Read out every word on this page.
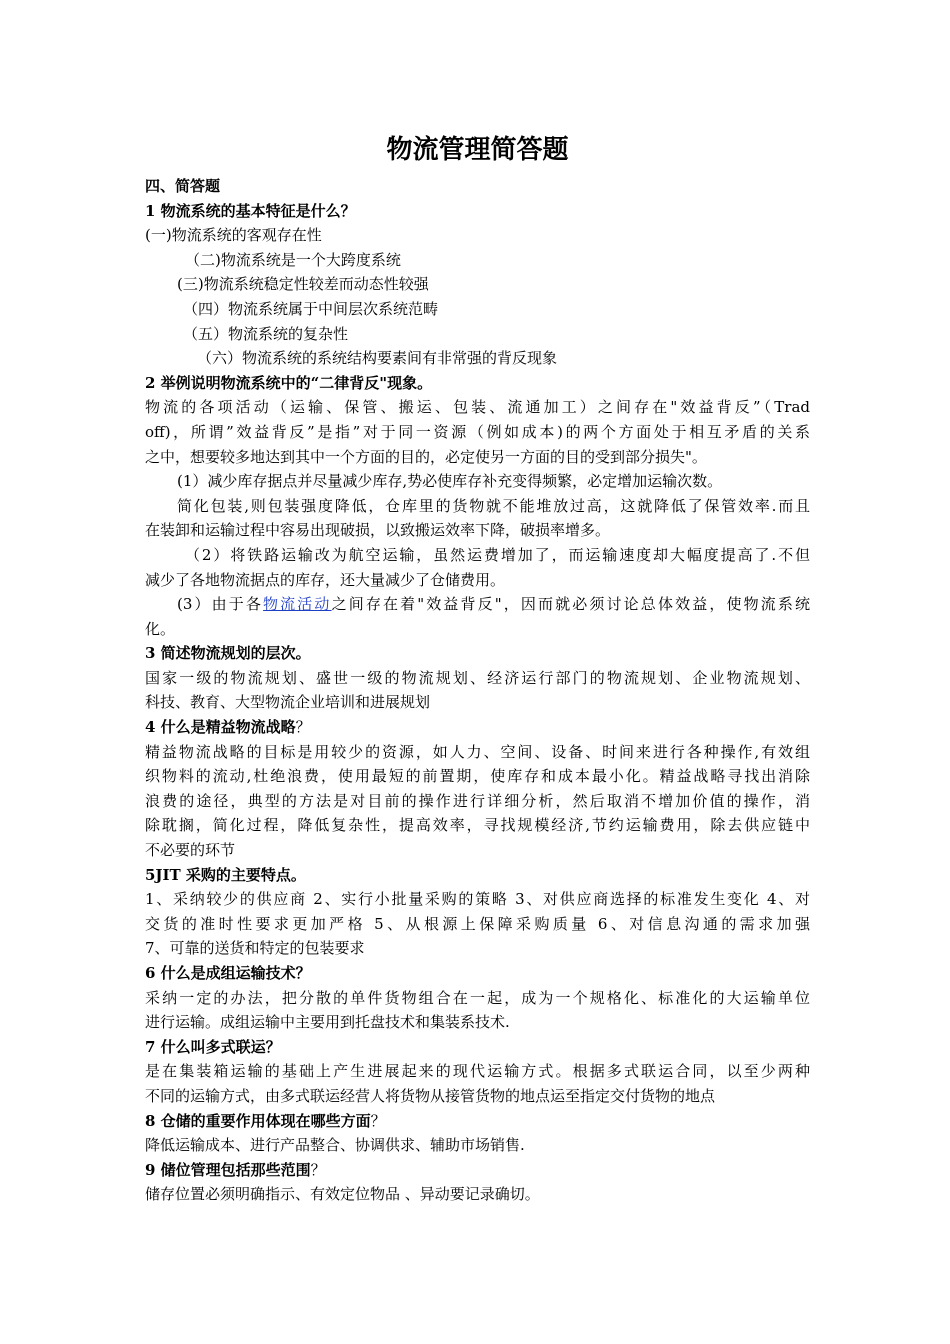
物流管理简答题
四、简答题
1 物流系统的基本特征是什么？
(一)物流系统的客观存在性
（二)物流系统是一个大跨度系统
(三)物流系统稳定性较差而动态性较强
（四）物流系统属于中间层次系统范畴
（五）物流系统的复杂性
（六）物流系统的系统结构要素间有非常强的背反现象
2 举例说明物流系统中的“二律背反"现象。
物流的各项活动（运输、保管、搬运、包装、流通加工）之间存在"效益背反”（Trad
off)，所谓”效益背反”是指”对于同一资源（例如成本)的两个方面处于相互矛盾的关系
之中，想要较多地达到其中一个方面的目的，必定使另一方面的目的受到部分损失"。
(1）减少库存据点并尽量减少库存,势必使库存补充变得频繁，必定增加运输次数。
简化包装,则包装强度降低，仓库里的货物就不能堆放过高，这就降低了保管效率.而且
在装卸和运输过程中容易出现破损，以致搬运效率下降，破损率增多。
（2）将铁路运输改为航空运输，虽然运费增加了，而运输速度却大幅度提高了.不但
减少了各地物流据点的库存，还大量减少了仓储费用。
(3）由于各物流活动之间存在着"效益背反"，因而就必须讨论总体效益，使物流系统
化。
3 简述物流规划的层次。
国家一级的物流规划、盛世一级的物流规划、经济运行部门的物流规划、企业物流规划、
科技、教育、大型物流企业培训和进展规划
4 什么是精益物流战略？
精益物流战略的目标是用较少的资源，如人力、空间、设备、时间来进行各种操作,有效组
织物料的流动,杜绝浪费，使用最短的前置期，使库存和成本最小化。精益战略寻找出消除
浪费的途径，典型的方法是对目前的操作进行详细分析，然后取消不增加价值的操作，消
除耽搁，简化过程，降低复杂性，提高效率，寻找规模经济,节约运输费用，除去供应链中
不必要的环节
5JIT 采购的主要特点。
1、采纳较少的供应商 2、实行小批量采购的策略 3、对供应商选择的标准发生变化 4、对
交货的准时性要求更加严格 5、从根源上保障采购质量 6、对信息沟通的需求加强
7、可靠的送货和特定的包装要求
6 什么是成组运输技术？
采纳一定的办法，把分散的单件货物组合在一起，成为一个规格化、标准化的大运输单位
进行运输。成组运输中主要用到托盘技术和集装系技术.
7 什么叫多式联运？
是在集装箱运输的基础上产生进展起来的现代运输方式。根据多式联运合同，以至少两种
不同的运输方式，由多式联运经营人将货物从接管货物的地点运至指定交付货物的地点
8 仓储的重要作用体现在哪些方面？
降低运输成本、进行产品整合、协调供求、辅助市场销售.
9 储位管理包括那些范围？
储存位置必须明确指示、有效定位物品 、异动要记录确切。
